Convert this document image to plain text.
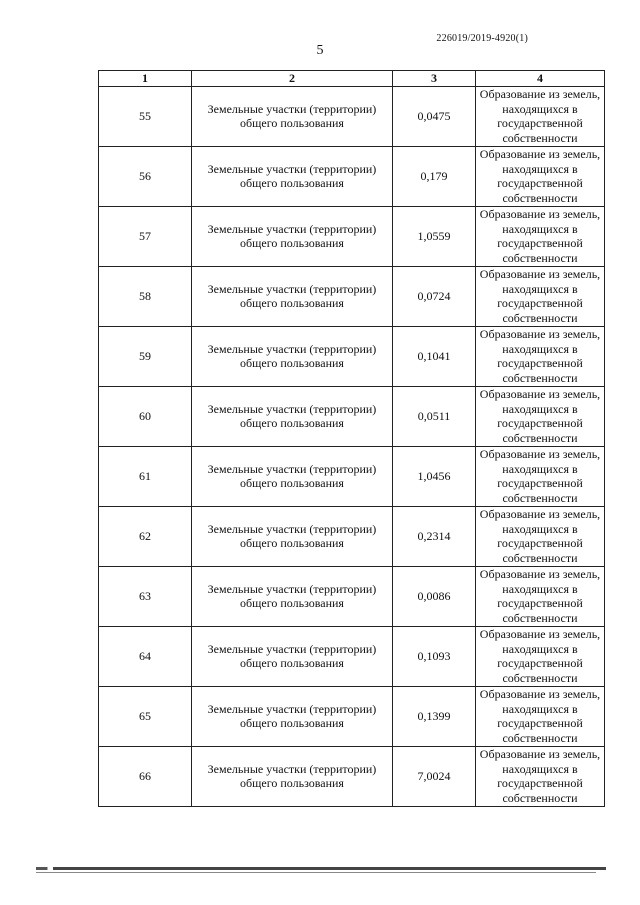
226019/2019-4920(1)
5
1	2	3	4
55	Земельные участки (территории) общего пользования	0,0475	Образование из земель, находящихся в государственной собственности
56	Земельные участки (территории) общего пользования	0,179	Образование из земель, находящихся в государственной собственности
57	Земельные участки (территории) общего пользования	1,0559	Образование из земель, находящихся в государственной собственности
58	Земельные участки (территории) общего пользования	0,0724	Образование из земель, находящихся в государственной собственности
59	Земельные участки (территории) общего пользования	0,1041	Образование из земель, находящихся в государственной собственности
60	Земельные участки (территории) общего пользования	0,0511	Образование из земель, находящихся в государственной собственности
61	Земельные участки (территории) общего пользования	1,0456	Образование из земель, находящихся в государственной собственности
62	Земельные участки (территории) общего пользования	0,2314	Образование из земель, находящихся в государственной собственности
63	Земельные участки (территории) общего пользования	0,0086	Образование из земель, находящихся в государственной собственности
64	Земельные участки (территории) общего пользования	0,1093	Образование из земель, находящихся в государственной собственности
65	Земельные участки (территории) общего пользования	0,1399	Образование из земель, находящихся в государственной собственности
66	Земельные участки (территории) общего пользования	7,0024	Образование из земель, находящихся в государственной собственности
